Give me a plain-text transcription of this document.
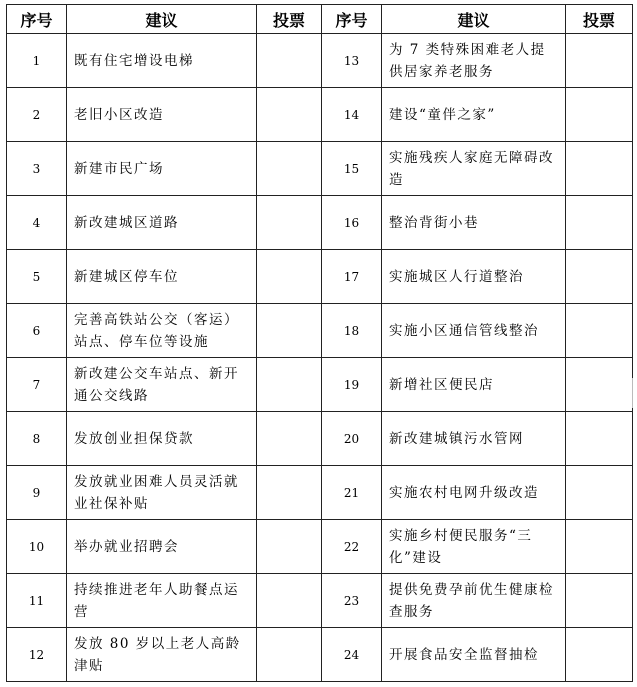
序号	建议	投票	序号	建议	投票
1	既有住宅增设电梯		13	为 7 类特殊困难老人提供居家养老服务	
2	老旧小区改造		14	建设“童伴之家”	
3	新建市民广场		15	实施残疾人家庭无障碍改造	
4	新改建城区道路		16	整治背街小巷	
5	新建城区停车位		17	实施城区人行道整治	
6	完善高铁站公交（客运）站点、停车位等设施		18	实施小区通信管线整治	
7	新改建公交车站点、新开通公交线路		19	新增社区便民店	
8	发放创业担保贷款		20	新改建城镇污水管网	
9	发放就业困难人员灵活就业社保补贴		21	实施农村电网升级改造	
10	举办就业招聘会		22	实施乡村便民服务“三化”建设	
11	持续推进老年人助餐点运营		23	提供免费孕前优生健康检查服务	
12	发放 80 岁以上老人高龄津贴		24	开展食品安全监督抽检	
